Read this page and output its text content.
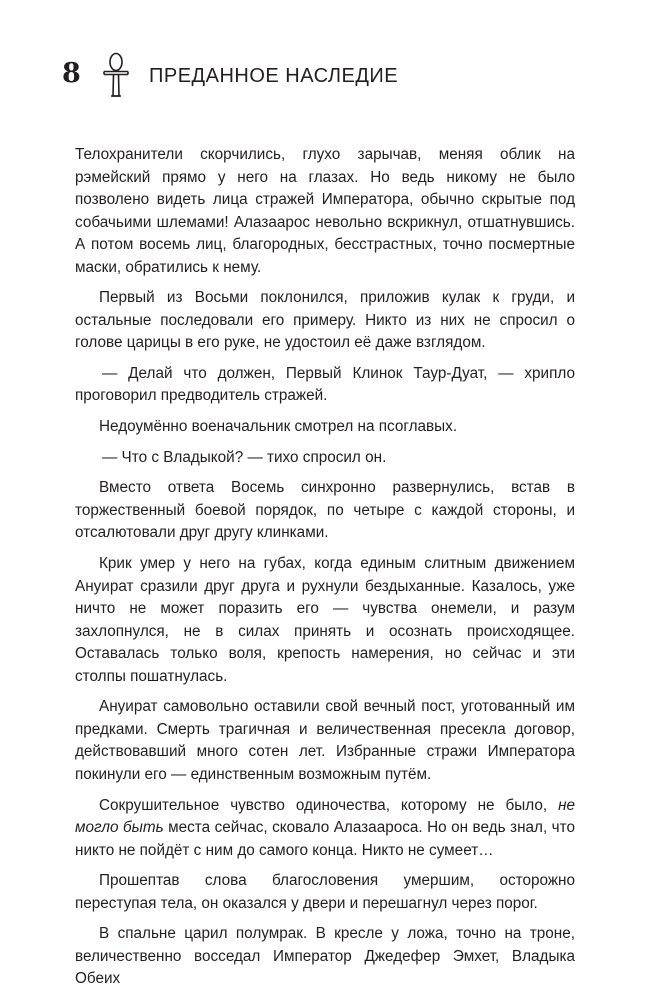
8	ПРЕДАННОЕ НАСЛЕДИЕ

Телохранители скорчились, глухо зарычав, меняя облик на рэмейский прямо у него на глазах. Но ведь никому не было позволено видеть лица стражей Императора, обычно скрытые под собачьими шлемами! Алазаарос невольно вскрикнул, отшатнувшись. А потом восемь лиц, благородных, бесстрастных, точно посмертные маски, обратились к нему.

Первый из Восьми поклонился, приложив кулак к груди, и остальные последовали его примеру. Никто из них не спросил о голове царицы в его руке, не удостоил её даже взглядом.

— Делай что должен, Первый Клинок Таур-Дуат, — хрипло проговорил предводитель стражей.

Недоумённо военачальник смотрел на псоглавых.

— Что с Владыкой? — тихо спросил он.

Вместо ответа Восемь синхронно развернулись, встав в торжественный боевой порядок, по четыре с каждой стороны, и отсалютовали друг другу клинками.

Крик умер у него на губах, когда единым слитным движением Ануират сразили друг друга и рухнули бездыханные. Казалось, уже ничто не может поразить его — чувства онемели, и разум захлопнулся, не в силах принять и осознать происходящее. Оставалась только воля, крепость намерения, но сейчас и эти столпы пошатнулась.

Ануират самовольно оставили свой вечный пост, уготованный им предками. Смерть трагичная и величественная пресекла договор, действовавший много сотен лет. Избранные стражи Императора покинули его — единственным возможным путём.

Сокрушительное чувство одиночества, которому не было, не могло быть места сейчас, сковало Алазаароса. Но он ведь знал, что никто не пойдёт с ним до самого конца. Никто не сумеет…

Прошептав слова благословения умершим, осторожно переступая тела, он оказался у двери и перешагнул через порог.

В спальне царил полумрак. В кресле у ложа, точно на троне, величественно восседал Император Джедефер Эмхет, Владыка Обеих
